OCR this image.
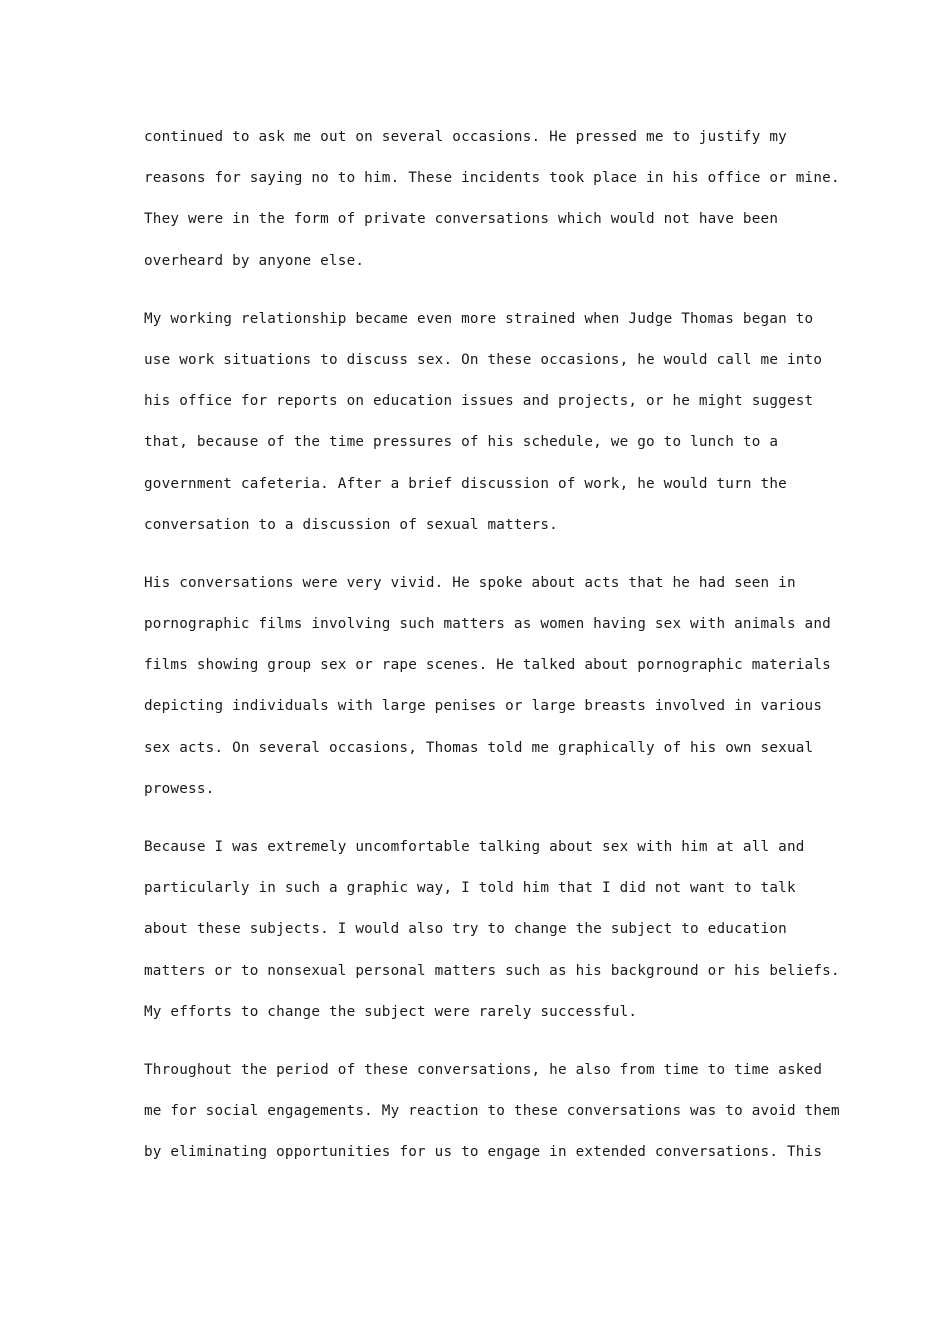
continued to ask me out on several occasions. He pressed me to justify my
reasons for saying no to him. These incidents took place in his office or mine.
They were in the form of private conversations which would not have been
overheard by anyone else.

My working relationship became even more strained when Judge Thomas began to
use work situations to discuss sex. On these occasions, he would call me into
his office for reports on education issues and projects, or he might suggest
that, because of the time pressures of his schedule, we go to lunch to a
government cafeteria. After a brief discussion of work, he would turn the
conversation to a discussion of sexual matters.

His conversations were very vivid. He spoke about acts that he had seen in
pornographic films involving such matters as women having sex with animals and
films showing group sex or rape scenes. He talked about pornographic materials
depicting individuals with large penises or large breasts involved in various
sex acts. On several occasions, Thomas told me graphically of his own sexual
prowess.

Because I was extremely uncomfortable talking about sex with him at all and
particularly in such a graphic way, I told him that I did not want to talk
about these subjects. I would also try to change the subject to education
matters or to nonsexual personal matters such as his background or his beliefs.
My efforts to change the subject were rarely successful.

Throughout the period of these conversations, he also from time to time asked
me for social engagements. My reaction to these conversations was to avoid them
by eliminating opportunities for us to engage in extended conversations. This
